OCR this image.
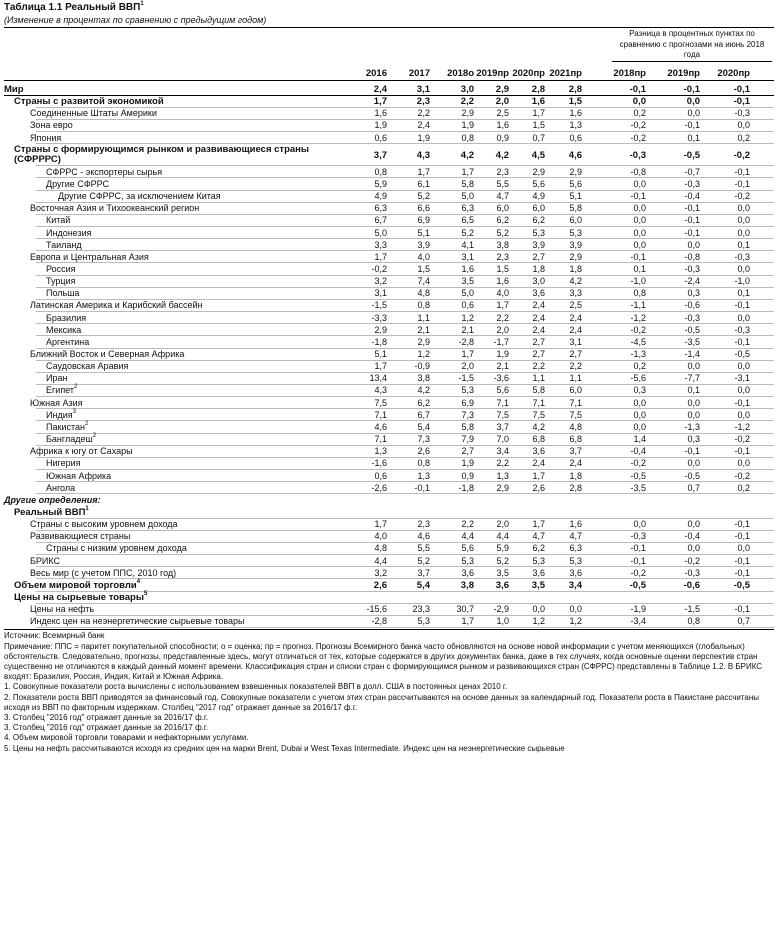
Таблица 1.1 Реальный ВВП$^1$
(Изменение в процентах по сравнению с предыдущим годом)
Разница в процентных пунктах по сравнению с прогнозами на июнь 2018 года
2016	2017	2018o 2019пр 2020пр 2021пр	2018пр	2019пр	2020пр
Мир	2,4	3,1	3,0	2,9	2,8	2,8	-0,1	-0,1	-0,1
Страны с развитой экономикой	1,7	2,3	2,2	2,0	1,6	1,5	0,0	0,0	-0,1
Соединенные Штаты Америки	1,6	2,2	2,9	2,5	1,7	1,6	0,2	0,0	-0,3
Зона евро	1,9	2,4	1,9	1,6	1,5	1,3	-0,2	-0,1	0,0
Япония	0,6	1,9	0,8	0,9	0,7	0,6	-0,2	0,1	0,2
Страны с формирующимся рынком и развивающиеся страны (СФРРРС)	3,7	4,3	4,2	4,2	4,5	4,6	-0,3	-0,5	-0,2
СФРРС - экспортеры сырья	0,8	1,7	1,7	2,3	2,9	2,9	-0,8	-0,7	-0,1
Другие СФРРС	5,9	6,1	5,8	5,5	5,6	5,6	0,0	-0,3	-0,1
Другие СФРРС, за исключением Китая	4,9	5,2	5,0	4,7	4,9	5,1	-0,1	-0,4	-0,2
Восточная Азия и Тихоокеанский регион	6,3	6,6	6,3	6,0	6,0	5,8	0,0	-0,1	0,0
Китай	6,7	6,9	6,5	6,2	6,2	6,0	0,0	-0,1	0,0
Индонезия	5,0	5,1	5,2	5,2	5,3	5,3	0,0	-0,1	0,0
Таиланд	3,3	3,9	4,1	3,8	3,9	3,9	0,0	0,0	0,1
Европа и Центральная Азия	1,7	4,0	3,1	2,3	2,7	2,9	-0,1	-0,8	-0,3
Россия	-0,2	1,5	1,6	1,5	1,8	1,8	0,1	-0,3	0,0
Турция	3,2	7,4	3,5	1,6	3,0	4,2	-1,0	-2,4	-1,0
Польша	3,1	4,8	5,0	4,0	3,6	3,3	0,8	0,3	0,1
Латинская Америка и Карибский бассейн	-1,5	0,8	0,6	1,7	2,4	2,5	-1,1	-0,6	-0,1
Бразилия	-3,3	1,1	1,2	2,2	2,4	2,4	-1,2	-0,3	0,0
Мексика	2,9	2,1	2,1	2,0	2,4	2,4	-0,2	-0,5	-0,3
Аргентина	-1,8	2,9	-2,8	-1,7	2,7	3,1	-4,5	-3,5	-0,1
Ближний Восток и Северная Африка	5,1	1,2	1,7	1,9	2,7	2,7	-1,3	-1,4	-0,5
Саудовская Аравия	1,7	-0,9	2,0	2,1	2,2	2,2	0,2	0,0	0,0
Иран	13,4	3,8	-1,5	-3,6	1,1	1,1	-5,6	-7,7	-3,1
Египет$^2$	4,3	4,2	5,3	5,6	5,8	6,0	0,3	0,1	0,0
Южная Азия	7,5	6,2	6,9	7,1	7,1	7,1	0,0	0,0	-0,1
Индия$^3$	7,1	6,7	7,3	7,5	7,5	7,5	0,0	0,0	0,0
Пакистан$^2$	4,6	5,4	5,8	3,7	4,2	4,8	0,0	-1,3	-1,2
Бангладеш$^2$	7,1	7,3	7,9	7,0	6,8	6,8	1,4	0,3	-0,2
Африка к югу от Сахары	1,3	2,6	2,7	3,4	3,6	3,7	-0,4	-0,1	-0,1
Нигерия	-1,6	0,8	1,9	2,2	2,4	2,4	-0,2	0,0	0,0
Южная Африка	0,6	1,3	0,9	1,3	1,7	1,8	-0,5	-0,5	-0,2
Ангола	-2,6	-0,1	-1,8	2,9	2,6	2,8	-3,5	0,7	0,2
Другие определения:
Реальный ВВП$^1$
Страны с высоким уровнем дохода	1,7	2,3	2,2	2,0	1,7	1,6	0,0	0,0	-0,1
Развивающиеся страны	4,0	4,6	4,4	4,4	4,7	4,7	-0,3	-0,4	-0,1
Страны с низким уровнем дохода	4,8	5,5	5,6	5,9	6,2	6,3	-0,1	0,0	0,0
БРИКС	4,4	5,2	5,3	5,2	5,3	5,3	-0,1	-0,2	-0,1
Весь мир (с учетом ППС, 2010 год)	3,2	3,7	3,6	3,5	3,6	3,6	-0,2	-0,3	-0,1
Объем мировой торговли$^4$	2,6	5,4	3,8	3,6	3,5	3,4	-0,5	-0,6	-0,5
Цены на сырьевые товары$^5$
Цены на нефть	-15,6	23,3	30,7	-2,9	0,0	0,0	-1,9	-1,5	-0,1
Индекс цен на неэнергетические сырьевые товары	-2,8	5,3	1,7	1,0	1,2	1,2	-3,4	0,8	0,7

Источник: Всемирный банк

Примечание: ППС = паритет покупательной способности; о = оценка; пр = прогноз. Прогнозы Всемирного банка часто обновляются на основе новой информации с учетом меняющихся (глобальных) обстоятельств. Следовательно, прогнозы, представленные здесь, могут отличаться от тех, которые содержатся в других документах банка, даже в тех случаях, когда основные оценки перспектив стран существенно не отличаются в каждый данный момент времени. Классификация стран и списки стран с формирующимся рынком и развивающихся стран (СФРРС) представлены в Таблице 1.2. В БРИКС входят: Бразилия, Россия, Индия, Китай и Южная Африка.

1. Совокупные показатели роста вычислены с использованием взвешенных показателей ВВП в долл. США в постоянных ценах 2010 г.

2. Показатели роста ВВП приводятся за финансовый год. Совокупные показатели с учетом этих стран рассчитываются на основе данных за календарный год. Показатели роста в Пакистане рассчитаны исходя из ВВП по факторным издержкам. Столбец "2017 год" отражает данные за 2016/17 ф.г.

3. Столбец "2016 год" отражает данные за 2016/17 ф.г.

3. Столбец "2016 год" отражает данные за 2016/17 ф.г.

4. Объем мировой торговли товарами и нефакторными услугами.

5. Цены на нефть рассчитываются исходя из средних цен на марки Brent, Dubai и West Texas Intermediate. Индекс цен на неэнергетические сырьевые
